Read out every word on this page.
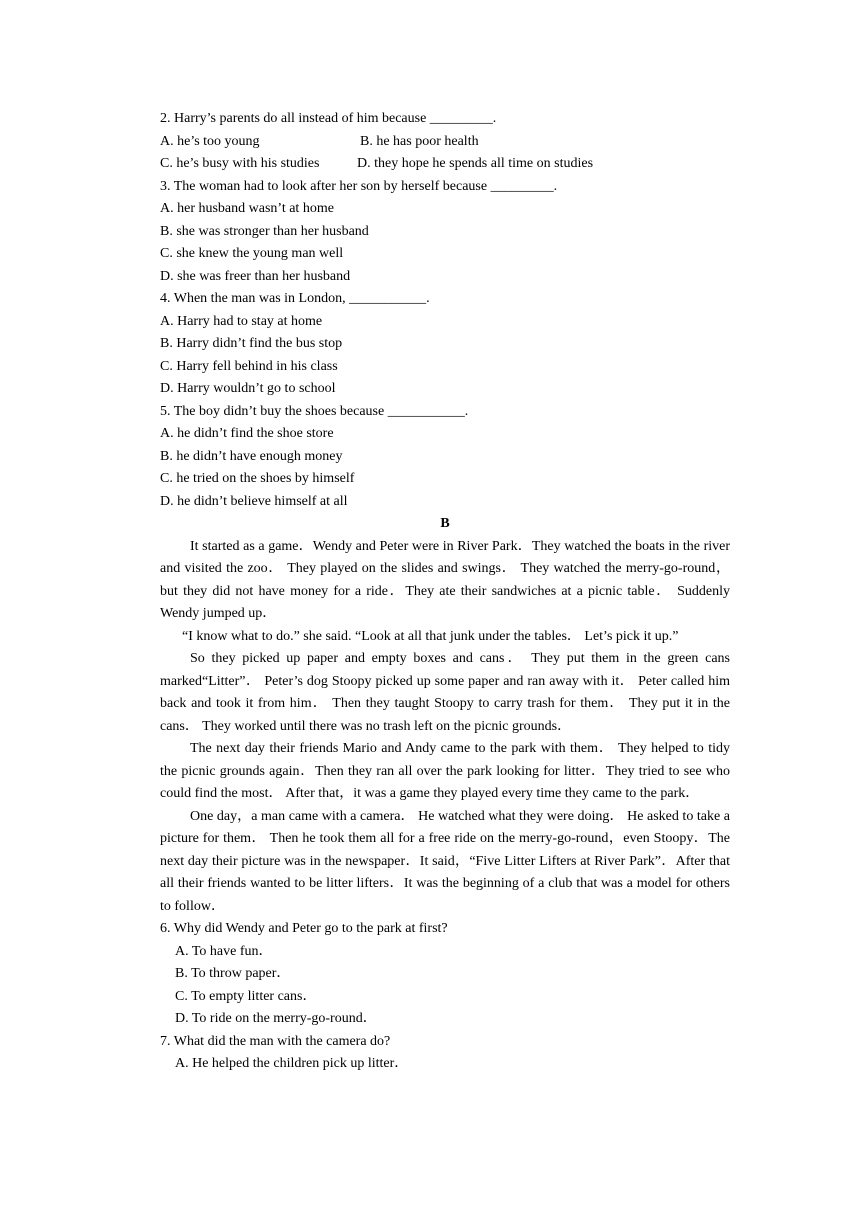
2. Harry’s parents do all instead of him because _________.
A. he’s too young	B. he has poor health
C. he’s busy with his studies	D. they hope he spends all time on studies
3. The woman had to look after her son by herself because _________.
A. her husband wasn’t at home
B. she was stronger than her husband
C. she knew the young man well
D. she was freer than her husband
4. When the man was in London, ___________.
A. Harry had to stay at home
B. Harry didn’t find the bus stop
C. Harry fell behind in his class
D. Harry wouldn’t go to school
5. The boy didn’t buy the shoes because ___________.
A. he didn’t find the shoe store
B. he didn’t have enough money
C. he tried on the shoes by himself
D. he didn’t believe himself at all
B
It started as a game．Wendy and Peter were in River Park．They watched the boats in the river and visited the zoo． They played on the slides and swings． They watched the merry-go-round，but they did not have money for a ride．They ate their sandwiches at a picnic table． Suddenly Wendy jumped up．
“I know what to do.” she said. “Look at all that junk under the tables． Let’s pick it up.”
So they picked up paper and empty boxes and cans． They put them in the green cans marked“Litter”． Peter’s dog Stoopy picked up some paper and ran away with it． Peter called him back and took it from him． Then they taught Stoopy to carry trash for them． They put it in the cans． They worked until there was no trash left on the picnic grounds．
The next day their friends Mario and Andy came to the park with them． They helped to tidy the picnic grounds again．Then they ran all over the park looking for litter．They tried to see who could find the most． After that，it was a game they played every time they came to the park．
One day，a man came with a camera． He watched what they were doing． He asked to take a picture for them． Then he took them all for a free ride on the merry-go-round，even Stoopy．The next day their picture was in the newspaper．It said，“Five Litter Lifters at River Park”．After that all their friends wanted to be litter lifters．It was the beginning of a club that was a model for others to follow．
6. Why did Wendy and Peter go to the park at first?
A. To have fun．
B. To throw paper．
C. To empty litter cans．
D. To ride on the merry-go-round．
7. What did the man with the camera do?
A. He helped the children pick up litter．
